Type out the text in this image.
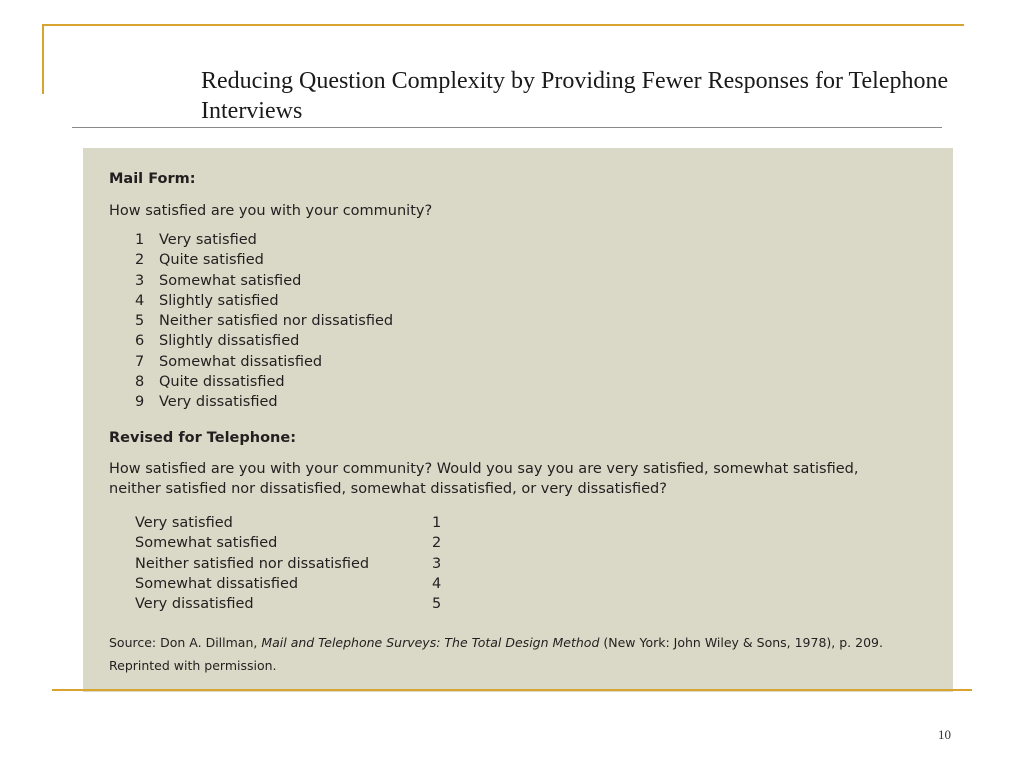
Reducing Question Complexity by Providing Fewer Responses for Telephone Interviews
Mail Form:
How satisfied are you with your community?
1	Very satisfied
2	Quite satisfied
3	Somewhat satisfied
4	Slightly satisfied
5	Neither satisfied nor dissatisfied
6	Slightly dissatisfied
7	Somewhat dissatisfied
8	Quite dissatisfied
9	Very dissatisfied
Revised for Telephone:
How satisfied are you with your community? Would you say you are very satisfied, somewhat satisfied, neither satisfied nor dissatisfied, somewhat dissatisfied, or very dissatisfied?
Very satisfied	1
Somewhat satisfied	2
Neither satisfied nor dissatisfied	3
Somewhat dissatisfied	4
Very dissatisfied	5
Source: Don A. Dillman, Mail and Telephone Surveys: The Total Design Method (New York: John Wiley & Sons, 1978), p. 209.
Reprinted with permission.
10
